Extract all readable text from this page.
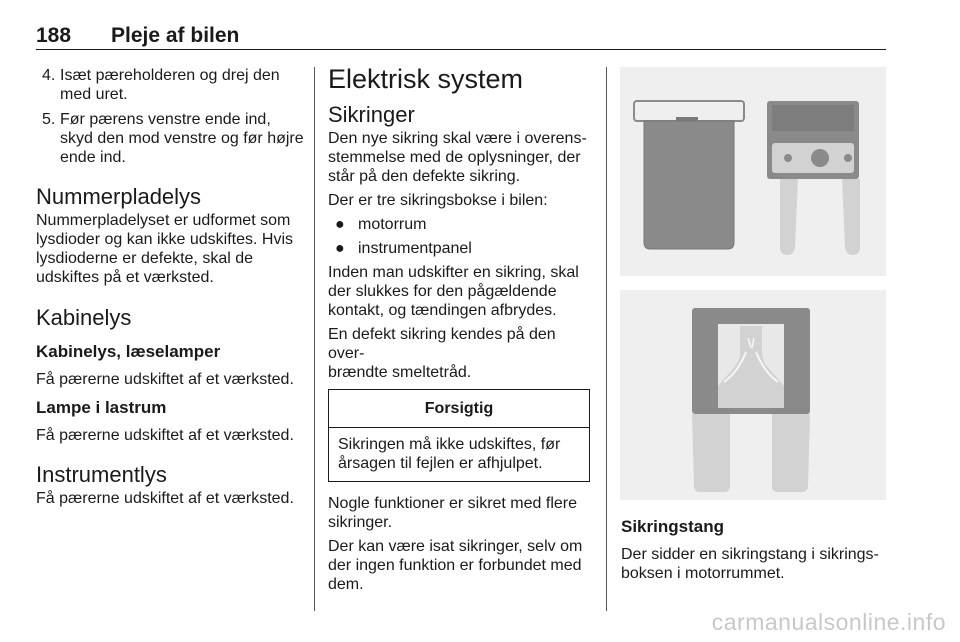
188 Pleje af bilen
4. Isæt pæreholderen og drej den med uret.
5. Før pærens venstre ende ind, skyd den mod venstre og før højre ende ind.
Nummerpladelys

Nummerpladelyset er udformet som lysdioder og kan ikke udskiftes. Hvis lysdioderne er defekte, skal de udskiftes på et værksted.

Kabinelys
Kabinelys, læselamper

Få pærerne udskiftet af et værksted.

Lampe i lastrum

Få pærerne udskiftet af et værksted.

Instrumentlys

Få pærerne udskiftet af et værksted.

Elektrisk system
Sikringer

Den nye sikring skal være i overens-
stemmelse med de oplysninger, der
står på den defekte sikring.

Der er tre sikringsbokse i bilen:

● motorrum
● instrumentpanel

Inden man udskifter en sikring, skal der slukkes for den pågældende kontakt, og tændingen afbrydes.

En defekt sikring kendes på den over-
brændte smeltetråd.

Forsigtig
Sikringen må ikke udskiftes, før årsagen til fejlen er afhjulpet.

Nogle funktioner er sikret med flere sikringer.

Der kan være isat sikringer, selv om der ingen funktion er forbundet med dem.

Sikringstang

Der sidder en sikringstang i sikrings-
boksen i motorrummet.

carmanualsonline.info
